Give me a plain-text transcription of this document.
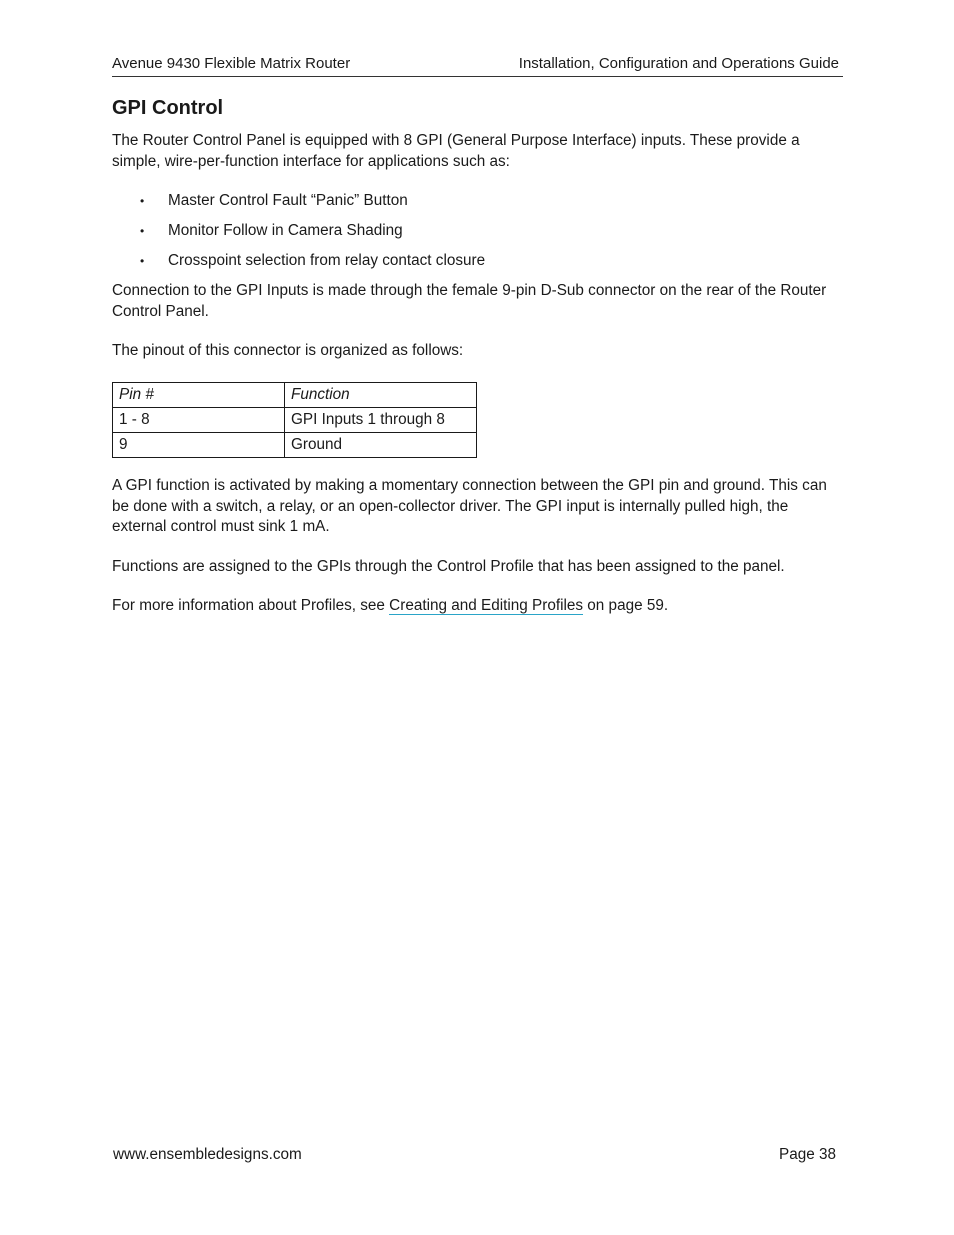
Avenue 9430 Flexible Matrix Router	Installation, Configuration and Operations Guide
GPI Control

The Router Control Panel is equipped with 8 GPI (General Purpose Interface) inputs. These provide a simple, wire-per-function interface for applications such as:

• Master Control Fault “Panic” Button
• Monitor Follow in Camera Shading
• Crosspoint selection from relay contact closure

Connection to the GPI Inputs is made through the female 9-pin D-Sub connector on the rear of the Router Control Panel.

The pinout of this connector is organized as follows:

Pin #	Function
1 - 8	GPI Inputs 1 through 8
9	Ground

A GPI function is activated by making a momentary connection between the GPI pin and ground. This can be done with a switch, a relay, or an open-collector driver. The GPI input is internally pulled high, the external control must sink 1 mA.

Functions are assigned to the GPIs through the Control Profile that has been assigned to the panel.

For more information about Profiles, see Creating and Editing Profiles on page 59.

www.ensembledesigns.com	Page 38
